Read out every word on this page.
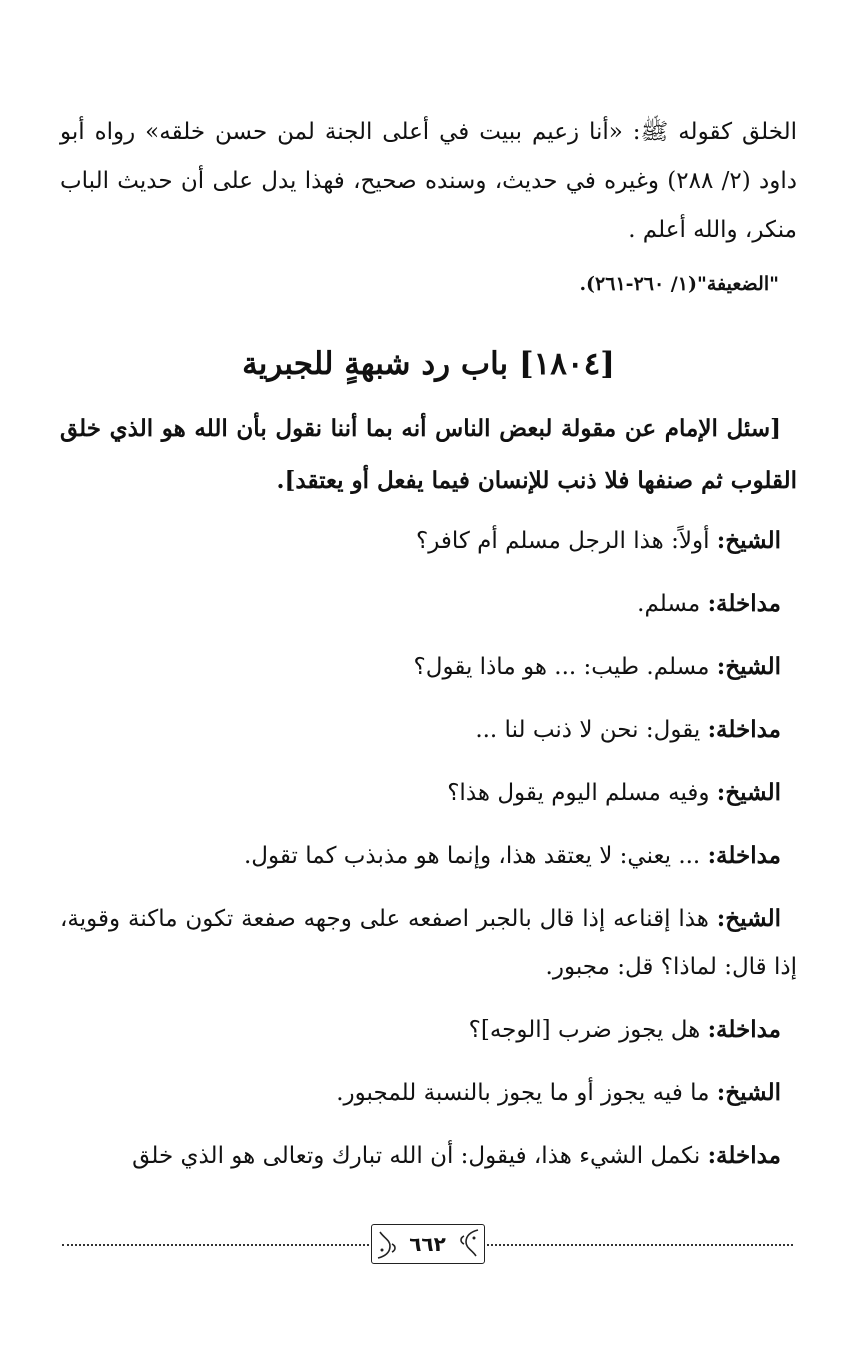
الخلق كقوله ﷺ: «أنا زعيم ببيت في أعلى الجنة لمن حسن خلقه» رواه أبو داود (٢/ ٢٨٨) وغيره في حديث، وسنده صحيح، فهذا يدل على أن حديث الباب منكر، والله أعلم .

"الضعيفة"(١/ ٢٦٠-٢٦١).

[١٨٠٤] باب رد شبهةٍ للجبرية

[سئل الإمام عن مقولة لبعض الناس أنه بما أننا نقول بأن الله هو الذي خلق القلوب ثم صنفها فلا ذنب للإنسان فيما يفعل أو يعتقد].

الشيخ: أولاً: هذا الرجل مسلم أم كافر؟

مداخلة: مسلم.

الشيخ: مسلم. طيب: ... هو ماذا يقول؟

مداخلة: يقول: نحن لا ذنب لنا ...

الشيخ: وفيه مسلم اليوم يقول هذا؟

مداخلة: ... يعني: لا يعتقد هذا، وإنما هو مذبذب كما تقول.

الشيخ: هذا إقناعه إذا قال بالجبر اصفعه على وجهه صفعة تكون ماكنة وقوية، إذا قال: لماذا؟ قل: مجبور.

مداخلة: هل يجوز ضرب [الوجه]؟

الشيخ: ما فيه يجوز أو ما يجوز بالنسبة للمجبور.

مداخلة: نكمل الشيء هذا، فيقول: أن الله تبارك وتعالى هو الذي خلق

٦٦٢
